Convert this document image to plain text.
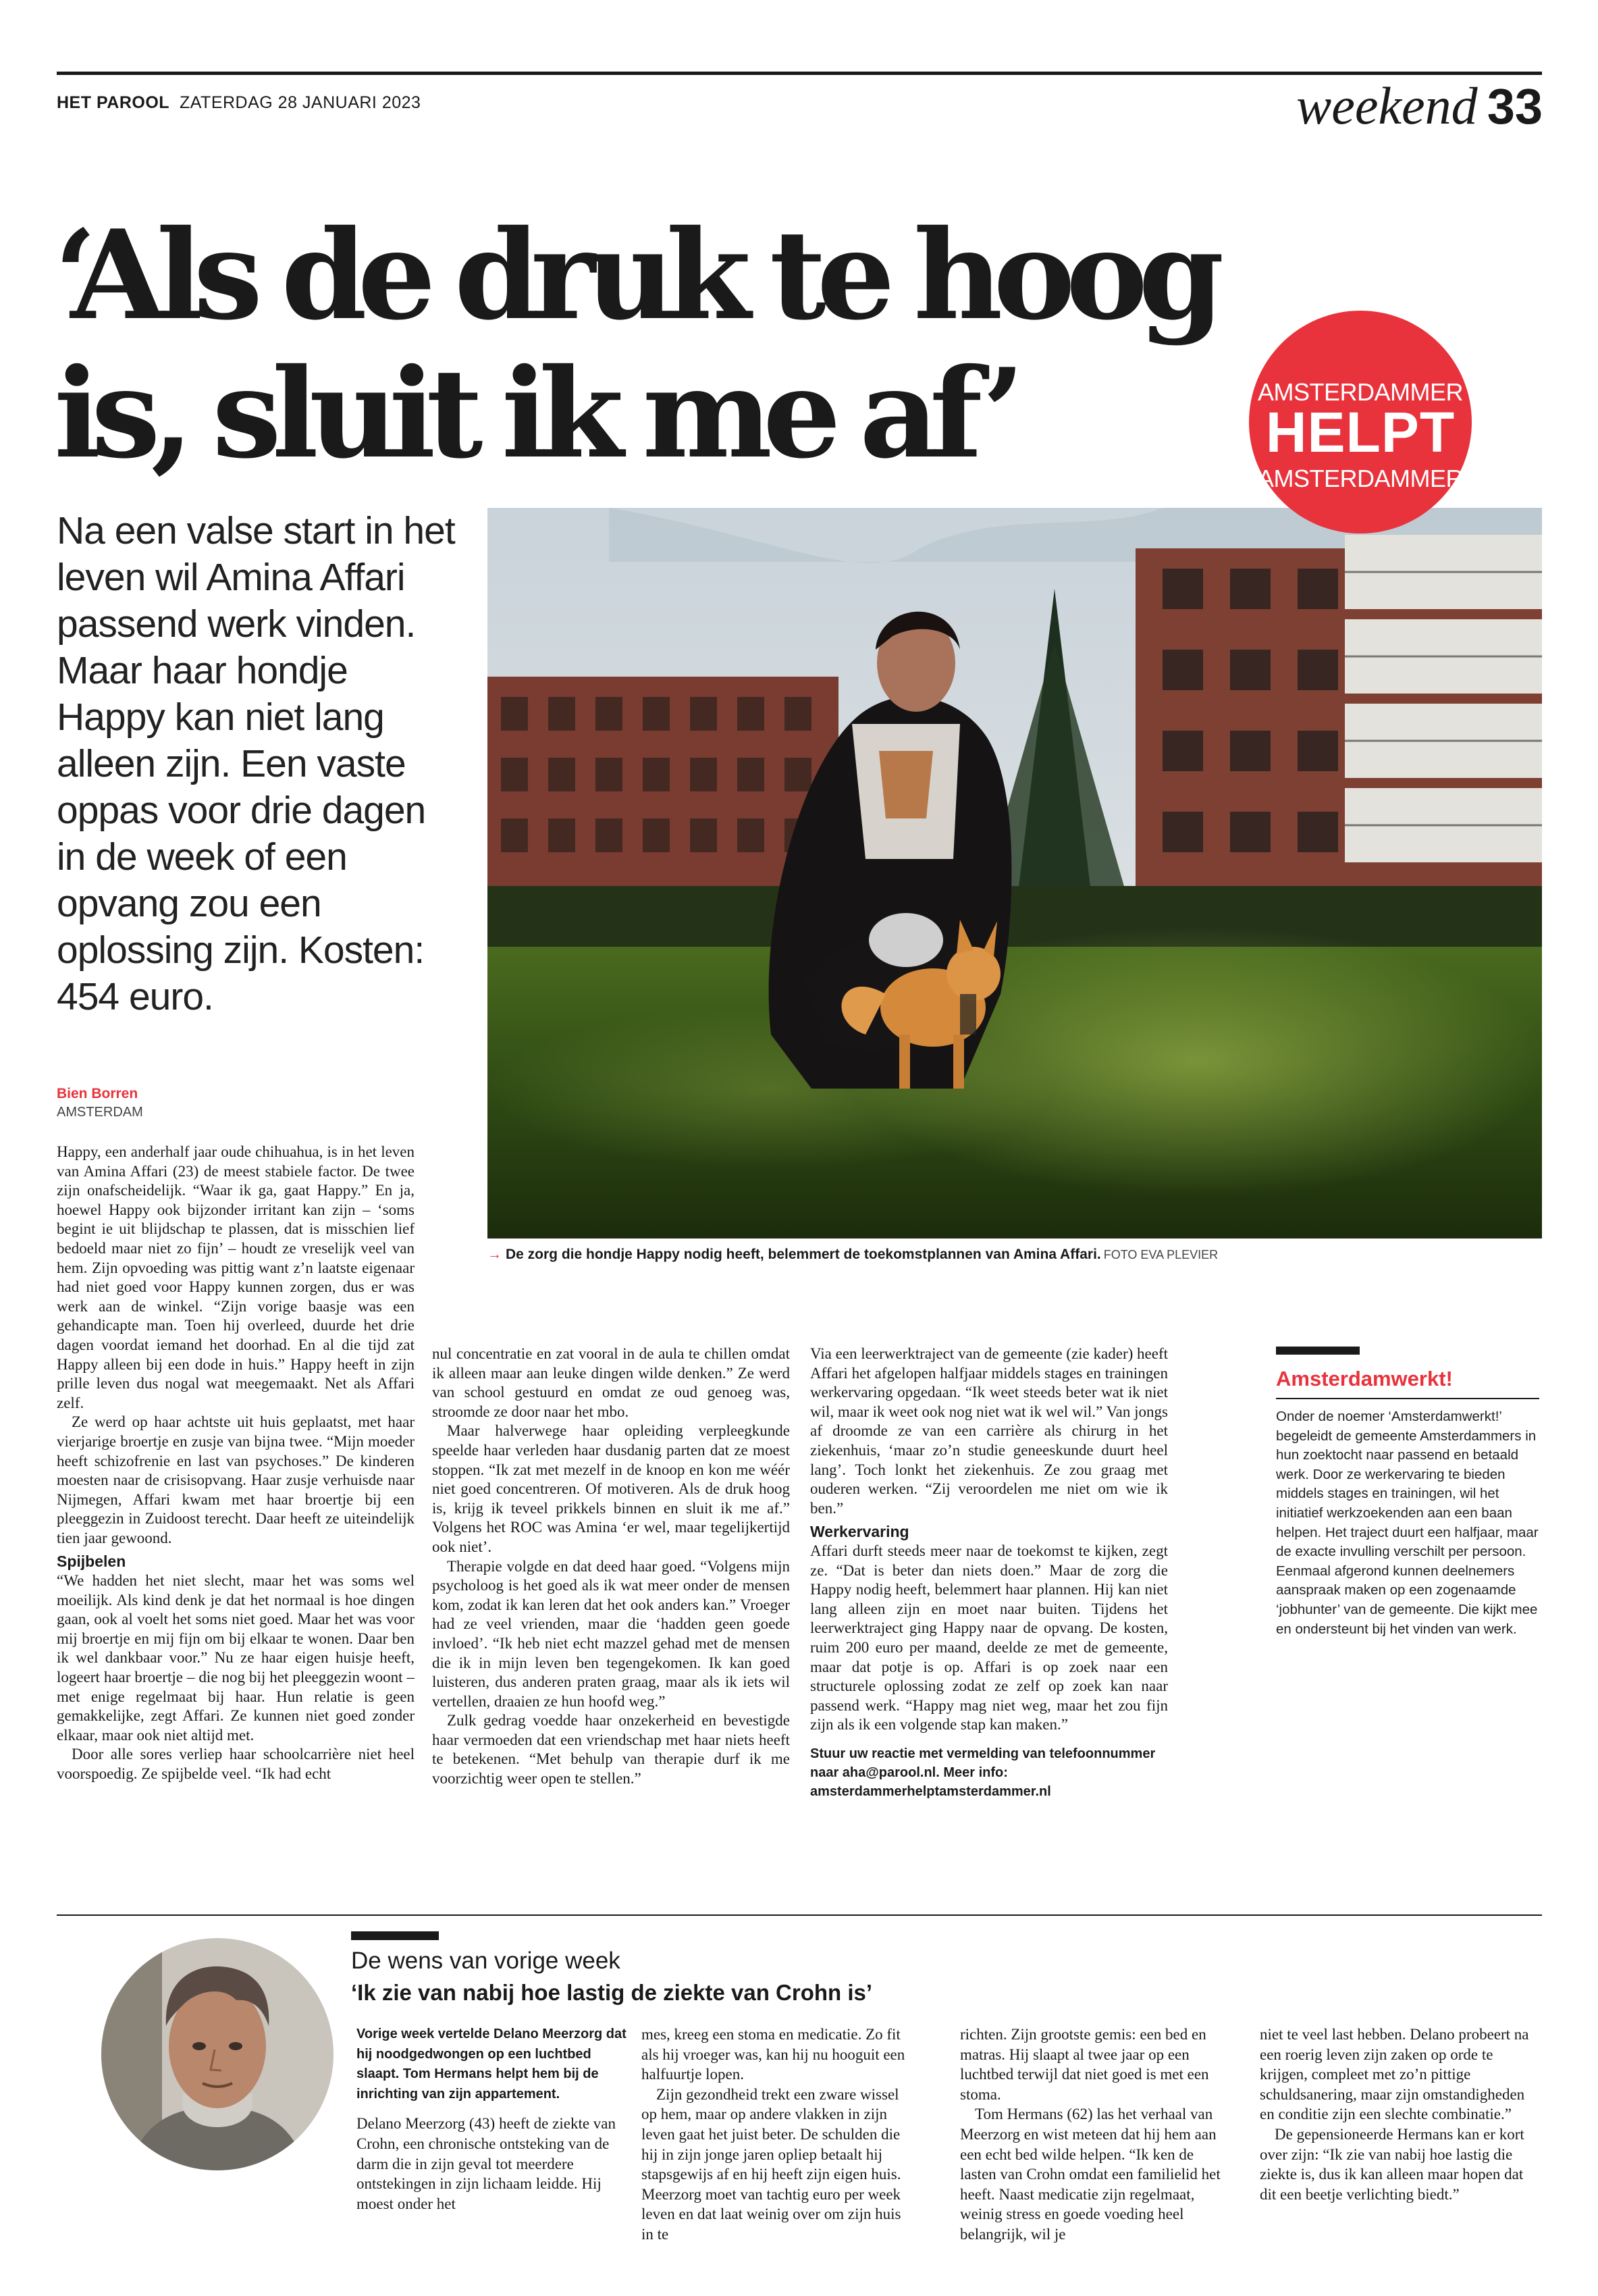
HET PAROOL ZATERDAG 28 JANUARI 2023	weekend 33
‘Als de druk te hoog
is, sluit ik me af’
Na een valse start in het leven wil Amina Affari passend werk vinden. Maar haar hondje Happy kan niet lang alleen zijn. Een vaste oppas voor drie dagen in de week of een opvang zou een oplossing zijn. Kosten: 454 euro.
AMSTERDAMMER
HELPT
AMSTERDAMMER
→ De zorg die hondje Happy nodig heeft, belemmert de toekomstplannen van Amina Affari. FOTO EVA PLEVIER
Bien Borren
AMSTERDAM

Happy, een anderhalf jaar oude chihuahua, is in het leven van Amina Affari (23) de meest stabiele factor. De twee zijn onafscheidelijk. “Waar ik ga, gaat Happy.” En ja, hoewel Happy ook bijzonder irritant kan zijn – ‘soms begint ie uit blijdschap te plassen, dat is misschien lief bedoeld maar niet zo fijn’ – houdt ze vreselijk veel van hem. Zijn opvoeding was pittig want z’n laatste eigenaar had niet goed voor Happy kunnen zorgen, dus er was werk aan de winkel. “Zijn vorige baasje was een gehandicapte man. Toen hij overleed, duurde het drie dagen voordat iemand het doorhad. En al die tijd zat Happy alleen bij een dode in huis.” Happy heeft in zijn prille leven dus nogal wat meegemaakt. Net als Affari zelf.

Ze werd op haar achtste uit huis geplaatst, met haar vierjarige broertje en zusje van bijna twee. “Mijn moeder heeft schizofrenie en last van psychoses.” De kinderen moesten naar de crisisopvang. Haar zusje verhuisde naar Nijmegen, Affari kwam met haar broertje bij een pleeggezin in Zuidoost terecht. Daar heeft ze uiteindelijk tien jaar gewoond.

Spijbelen

“We hadden het niet slecht, maar het was soms wel moeilijk. Als kind denk je dat het normaal is hoe dingen gaan, ook al voelt het soms niet goed. Maar het was voor mij broertje en mij fijn om bij elkaar te wonen. Daar ben ik wel dankbaar voor.” Nu ze haar eigen huisje heeft, logeert haar broertje – die nog bij het pleeggezin woont – met enige regelmaat bij haar. Hun relatie is geen gemakkelijke, zegt Affari. Ze kunnen niet goed zonder elkaar, maar ook niet altijd met.

Door alle sores verliep haar schoolcarrière niet heel voorspoedig. Ze spijbelde veel. “Ik had echt

nul concentratie en zat vooral in de aula te chillen omdat ik alleen maar aan leuke dingen wilde denken.” Ze werd van school gestuurd en omdat ze oud genoeg was, stroomde ze door naar het mbo.

Maar halverwege haar opleiding verpleegkunde speelde haar verleden haar dusdanig parten dat ze moest stoppen. “Ik zat met mezelf in de knoop en kon me wéér niet goed concentreren. Of motiveren. Als de druk hoog is, krijg ik teveel prikkels binnen en sluit ik me af.” Volgens het ROC was Amina ‘er wel, maar tegelijkertijd ook niet’.

Therapie volgde en dat deed haar goed. “Volgens mijn psycholoog is het goed als ik wat meer onder de mensen kom, zodat ik kan leren dat het ook anders kan.” Vroeger had ze veel vrienden, maar die ‘hadden geen goede invloed’. “Ik heb niet echt mazzel gehad met de mensen die ik in mijn leven ben tegengekomen. Ik kan goed luisteren, dus anderen praten graag, maar als ik iets wil vertellen, draaien ze hun hoofd weg.”

Zulk gedrag voedde haar onzekerheid en bevestigde haar vermoeden dat een vriendschap met haar niets heeft te betekenen. “Met behulp van therapie durf ik me voorzichtig weer open te stellen.”

Via een leerwerktraject van de gemeente (zie kader) heeft Affari het afgelopen halfjaar middels stages en trainingen werkervaring opgedaan. “Ik weet steeds beter wat ik niet wil, maar ik weet ook nog niet wat ik wel wil.” Van jongs af droomde ze van een carrière als chirurg in het ziekenhuis, ‘maar zo’n studie geneeskunde duurt heel lang’. Toch lonkt het ziekenhuis. Ze zou graag met ouderen werken. “Zij veroordelen me niet om wie ik ben.”

Werkervaring

Affari durft steeds meer naar de toekomst te kijken, zegt ze. “Dat is beter dan niets doen.” Maar de zorg die Happy nodig heeft, belemmert haar plannen. Hij kan niet lang alleen zijn en moet naar buiten. Tijdens het leerwerktraject ging Happy naar de opvang. De kosten, ruim 200 euro per maand, deelde ze met de gemeente, maar dat potje is op. Affari is op zoek naar een structurele oplossing zodat ze zelf op zoek kan naar passend werk. “Happy mag niet weg, maar het zou fijn zijn als ik een volgende stap kan maken.”

Stuur uw reactie met vermelding van telefoonnummer naar aha@parool.nl. Meer info: amsterdammerhelptamsterdammer.nl
Amsterdamwerkt!

Onder de noemer ‘Amsterdamwerkt!’ begeleidt de gemeente Amsterdammers in hun zoektocht naar passend en betaald werk. Door ze werkervaring te bieden middels stages en trainingen, wil het initiatief werkzoekenden aan een baan helpen. Het traject duurt een halfjaar, maar de exacte invulling verschilt per persoon. Eenmaal afgerond kunnen deelnemers aanspraak maken op een zogenaamde ‘jobhunter’ van de gemeente. Die kijkt mee en ondersteunt bij het vinden van werk.

De wens van vorige week
‘Ik zie van nabij hoe lastig de ziekte van Crohn is’
Vorige week vertelde Delano Meerzorg dat hij noodgedwongen op een luchtbed slaapt. Tom Hermans helpt hem bij de inrichting van zijn appartement.

Delano Meerzorg (43) heeft de ziekte van Crohn, een chronische ontsteking van de darm die in zijn geval tot meerdere ontstekingen in zijn lichaam leidde. Hij moest onder het

mes, kreeg een stoma en medicatie. Zo fit als hij vroeger was, kan hij nu hooguit een halfuurtje lopen.

Zijn gezondheid trekt een zware wissel op hem, maar op andere vlakken in zijn leven gaat het juist beter. De schulden die hij in zijn jonge jaren opliep betaalt hij stapsgewijs af en hij heeft zijn eigen huis. Meerzorg moet van tachtig euro per week leven en dat laat weinig over om zijn huis in te

richten. Zijn grootste gemis: een bed en matras. Hij slaapt al twee jaar op een luchtbed terwijl dat niet goed is met een stoma.

Tom Hermans (62) las het verhaal van Meerzorg en wist meteen dat hij hem aan een echt bed wilde helpen. “Ik ken de lasten van Crohn omdat een familielid het heeft. Naast medicatie zijn regelmaat, weinig stress en goede voeding heel belangrijk, wil je

niet te veel last hebben. Delano probeert na een roerig leven zijn zaken op orde te krijgen, compleet met zo’n pittige schuldsanering, maar zijn omstandigheden en conditie zijn een slechte combinatie.”

De gepensioneerde Hermans kan er kort over zijn: “Ik zie van nabij hoe lastig die ziekte is, dus ik kan alleen maar hopen dat dit een beetje verlichting biedt.”
